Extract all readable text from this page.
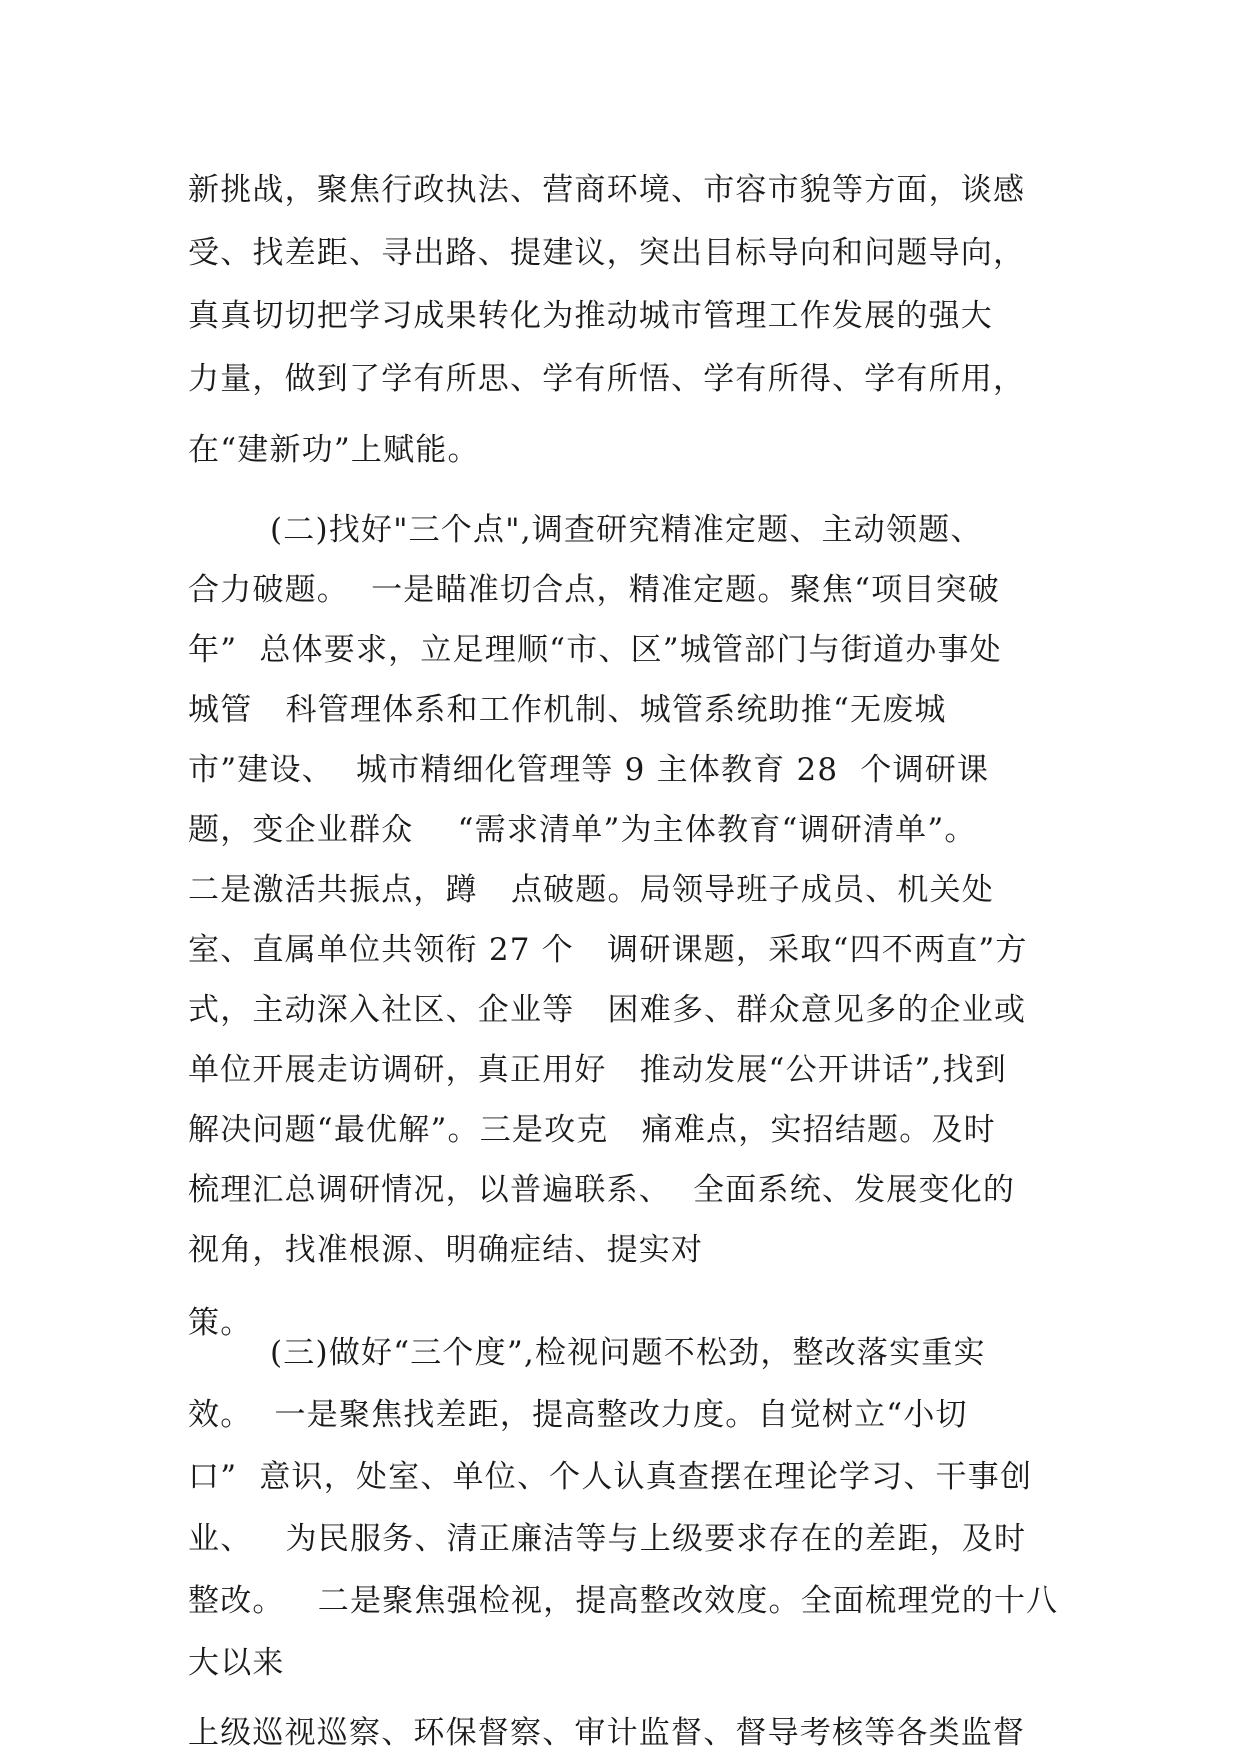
新挑战，聚焦行政执法、营商环境、市容市貌等方面，谈感
受、找差距、寻出路、提建议，突出目标导向和问题导向，
真真切切把学习成果转化为推动城市管理工作发展的强大
力量，做到了学有所思、学有所悟、学有所得、学有所用，
在“建新功”上赋能。
(二)找好"三个点",调查研究精准定题、主动领题、
合力破题。  一是瞄准切合点，精准定题。聚焦“项目突破
年”  总体要求，立足理顺“市、区”城管部门与街道办事处
城管   科管理体系和工作机制、城管系统助推“无废城
市”建设、  城市精细化管理等 9 主体教育 28  个调研课
题，变企业群众    “需求清单”为主体教育“调研清单”。
二是激活共振点，蹲   点破题。局领导班子成员、机关处
室、直属单位共领衔 27 个   调研课题，采取“四不两直”方
式，主动深入社区、企业等   困难多、群众意见多的企业或
单位开展走访调研，真正用好   推动发展“公开讲话”,找到
解决问题“最优解”。三是攻克   痛难点，实招结题。及时
梳理汇总调研情况，以普遍联系、  全面系统、发展变化的
视角，找准根源、明确症结、提实对
策。
(三)做好“三个度”,检视问题不松劲，整改落实重实
效。  一是聚焦找差距，提高整改力度。自觉树立“小切
口”  意识，处室、单位、个人认真查摆在理论学习、干事创
业、   为民服务、清正廉洁等与上级要求存在的差距，及时
整改。   二是聚焦强检视，提高整改效度。全面梳理党的十八
大以来
上级巡视巡察、环保督察、审计监督、督导考核等各类监督
